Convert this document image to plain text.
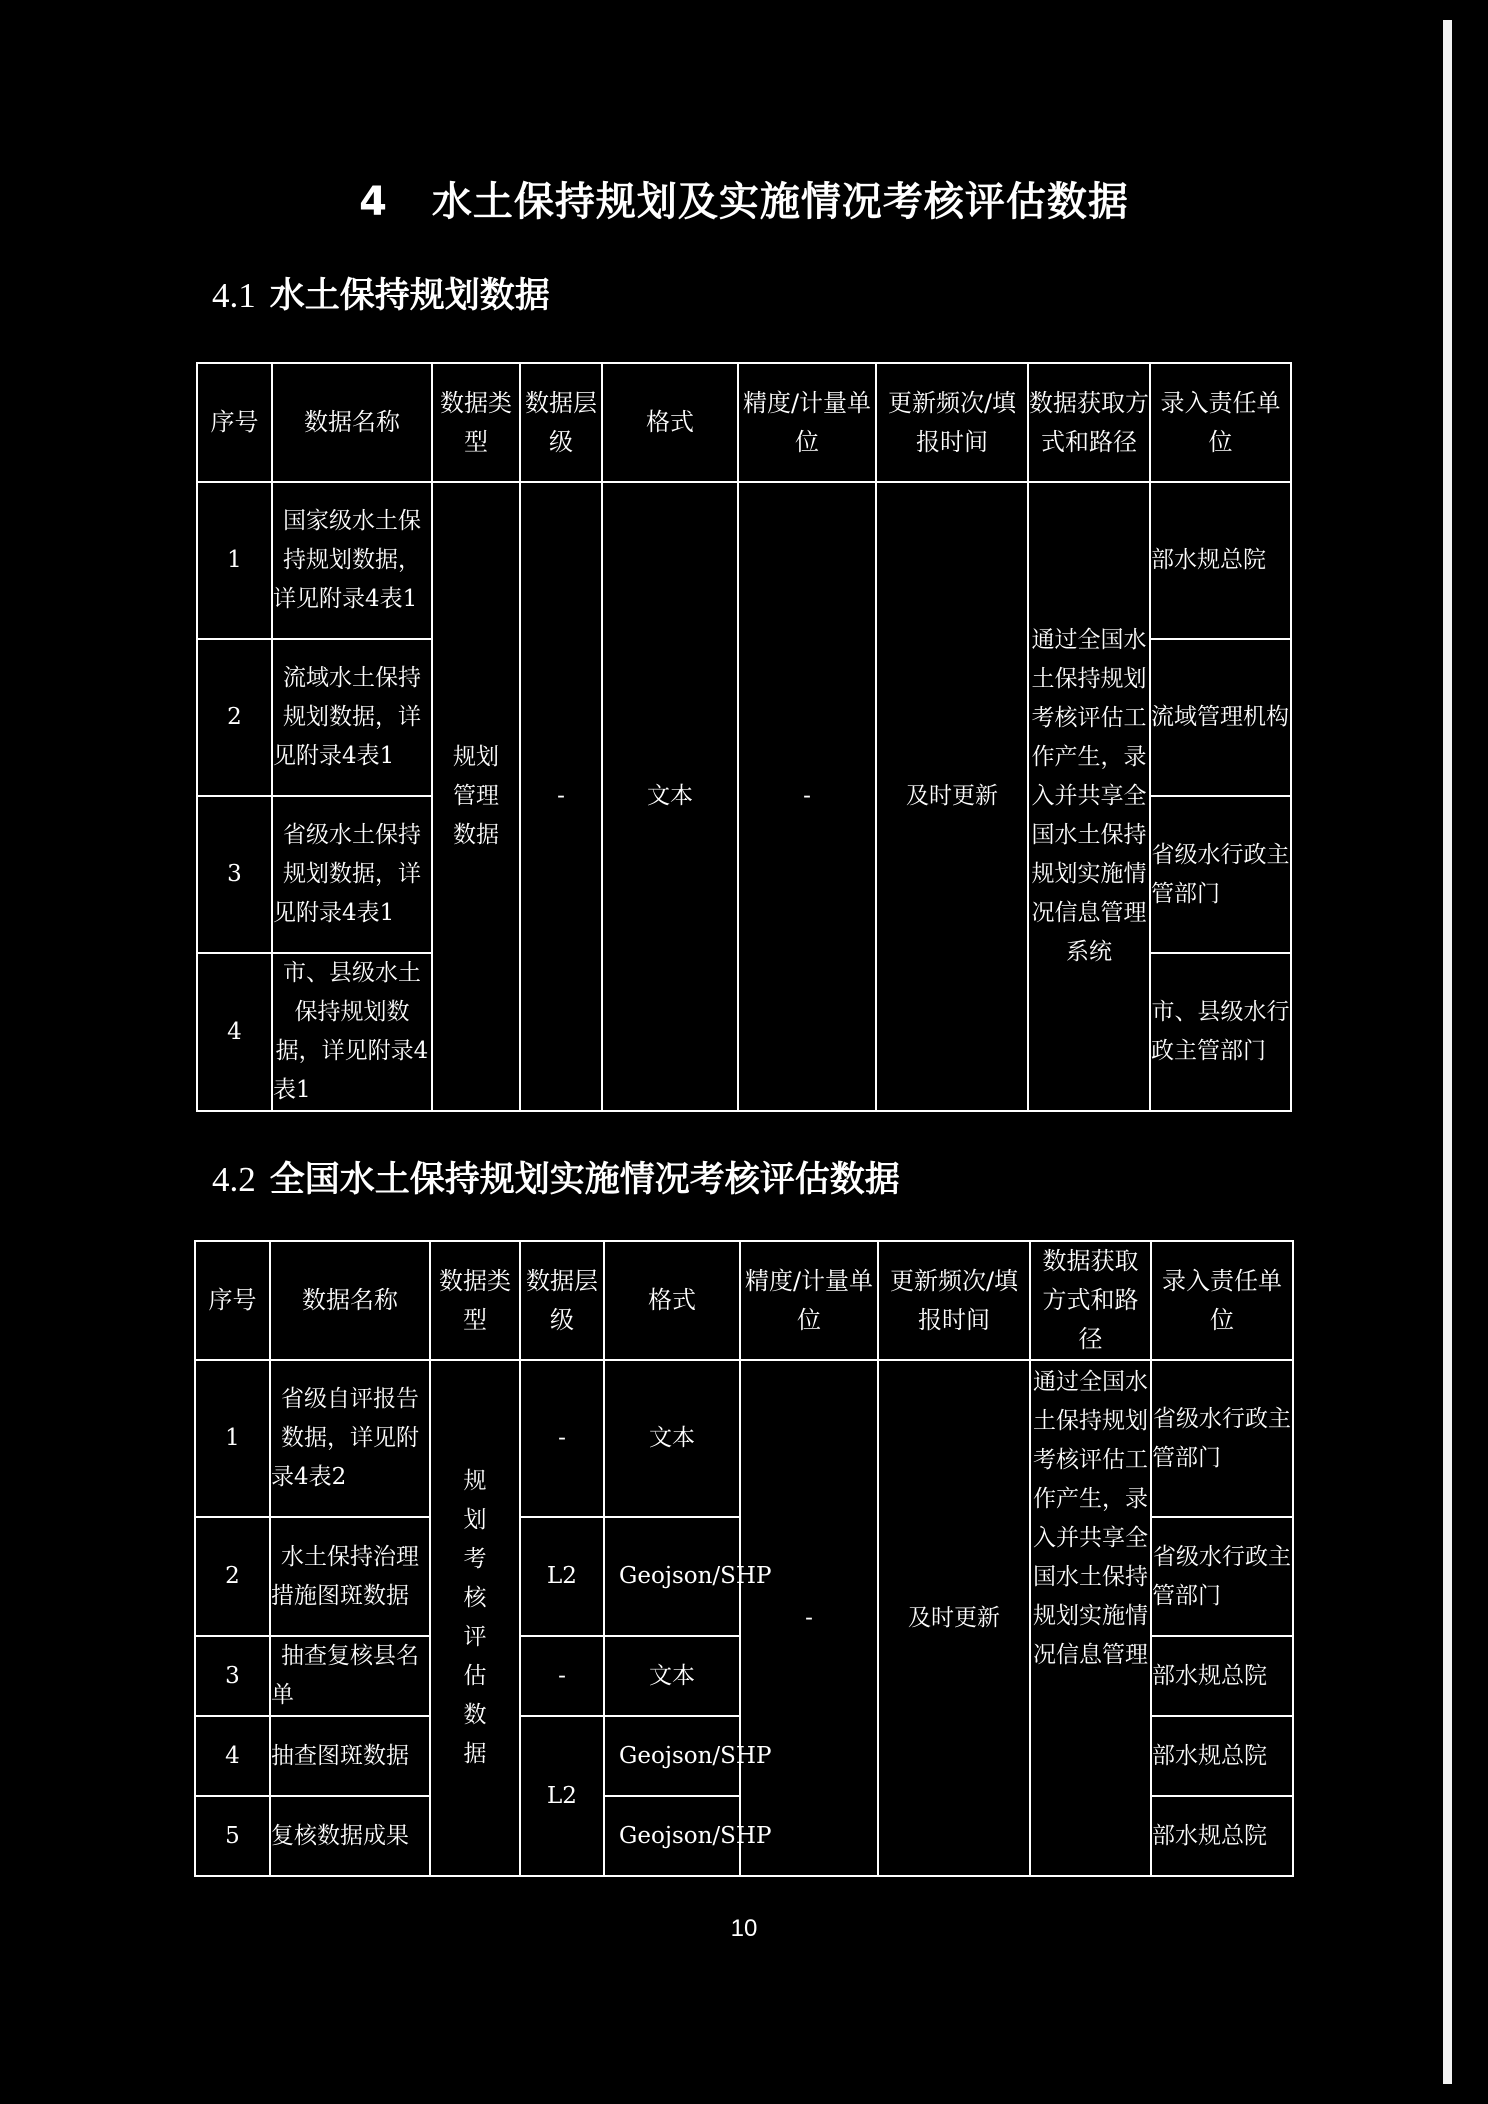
4 水土保持规划及实施情况考核评估数据
4.1 水土保持规划数据
序号	数据名称	数据类型	数据层级	格式	精度/计量单位	更新频次/填报时间	数据获取方式和路径	录入责任单位
1	国家级水土保持规划数据，详见附录4表1	规划管理数据	-	文本	-	及时更新	通过全国水土保持规划考核评估工作产生，录入并共享全国水土保持规划实施情况信息管理系统	部水规总院
2	流域水土保持规划数据，详见附录4表1							流域管理机构
3	省级水土保持规划数据，详见附录4表1							省级水行政主管部门
4	市、县级水土保持规划数据，详见附录4表1							市、县级水行政主管部门
4.2 全国水土保持规划实施情况考核评估数据
序号	数据名称	数据类型	数据层级	格式	精度/计量单位	更新频次/填报时间	数据获取方式和路径	录入责任单位
1	省级自评报告数据，详见附录4表2	规划考核评估数据	-	文本	-	及时更新	通过全国水土保持规划考核评估工作产生，录入并共享全国水土保持规划实施情况信息管理	省级水行政主管部门
2	水土保持治理措施图斑数据		L2	Geojson/SHP				省级水行政主管部门
3	抽查复核县名单		-	文本				部水规总院
4	抽查图斑数据		L2	Geojson/SHP				部水规总院
5	复核数据成果			Geojson/SHP				部水规总院
10
